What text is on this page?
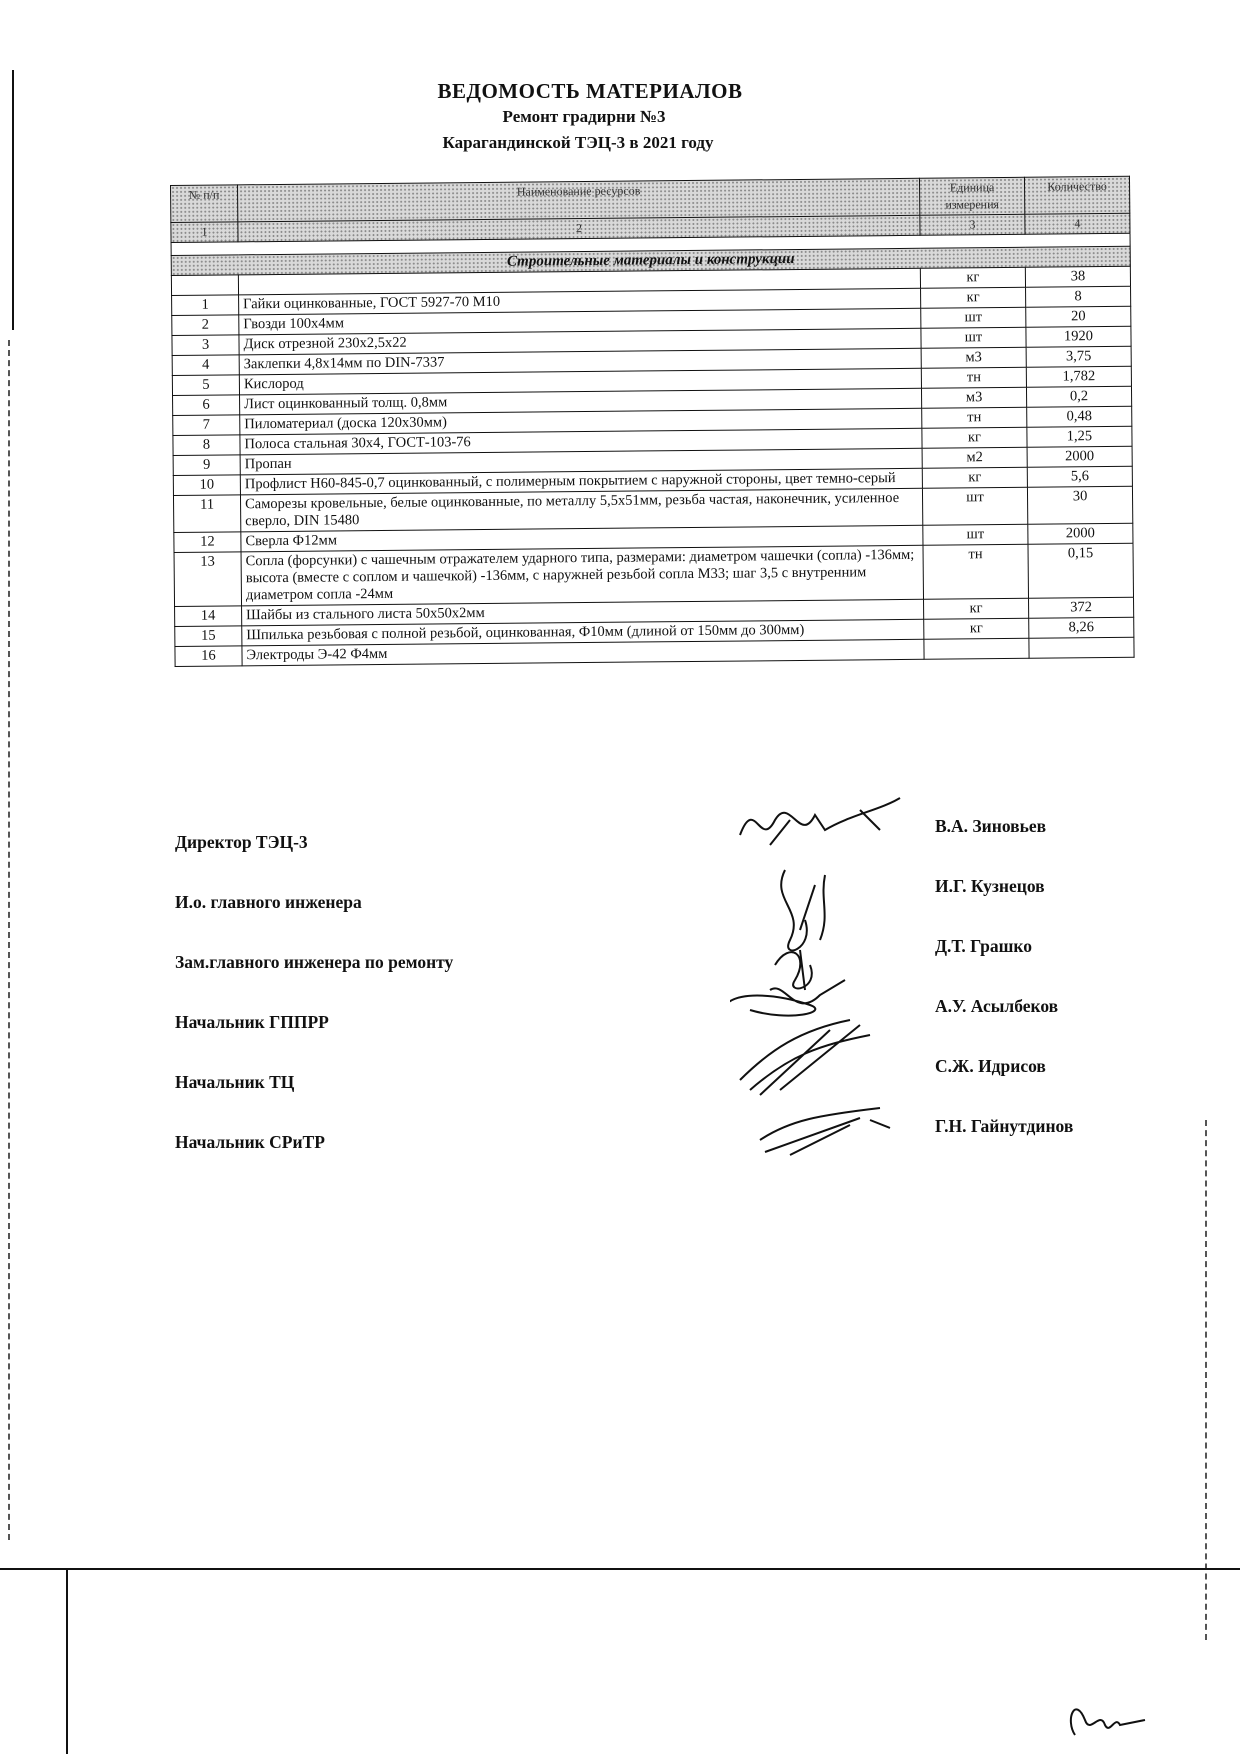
ВЕДОМОСТЬ МАТЕРИАЛОВ
Ремонт градирни №3
Карагандинской ТЭЦ-3 в 2021 году
№ п/п	Наименование ресурсов	Единица измерения	Количество
1	2	3	4

Строительные материалы и конструкции			
		кг	38
1	Гайки оцинкованные, ГОСТ 5927-70 М10	кг	8
2	Гвозди 100х4мм	шт	20
3	Диск отрезной 230х2,5х22	шт	1920
4	Заклепки 4,8х14мм по DIN-7337	м3	3,75
5	Кислород	тн	1,782
6	Лист оцинкованный толщ. 0,8мм	м3	0,2
7	Пиломатериал (доска 120х30мм)	тн	0,48
8	Полоса стальная 30х4, ГОСТ-103-76	кг	1,25
9	Пропан	м2	2000
10	Профлист Н60-845-0,7 оцинкованный, с полимерным покрытием с наружной стороны, цвет темно-серый	кг	5,6
11	Саморезы кровельные, белые оцинкованные, по металлу 5,5х51мм, резьба частая, наконечник, усиленное сверло, DIN 15480	шт	30
12	Сверла Ф12мм	шт	2000
13	Сопла (форсунки) с чашечным отражателем ударного типа, размерами: диаметром чашечки (сопла) -136мм; высота (вместе с соплом и чашечкой) -136мм, с наружней резьбой сопла М33; шаг 3,5 с внутренним диаметром сопла -24мм	тн	0,15
14	Шайбы из стального листа 50х50х2мм	кг	372
15	Шпилька резьбовая с полной резьбой, оцинкованная, Ф10мм (длиной от 150мм до 300мм)	кг	8,26
16	Электроды Э-42 Ф4мм		
Директор ТЭЦ-3
И.о. главного инженера
Зам.главного инженера по ремонту
Начальник ГППРР
Начальник ТЦ
Начальник СРиТР
В.А. Зиновьев
И.Г. Кузнецов
Д.Т. Грашко
А.У. Асылбеков
С.Ж. Идрисов
Г.Н. Гайнутдинов
